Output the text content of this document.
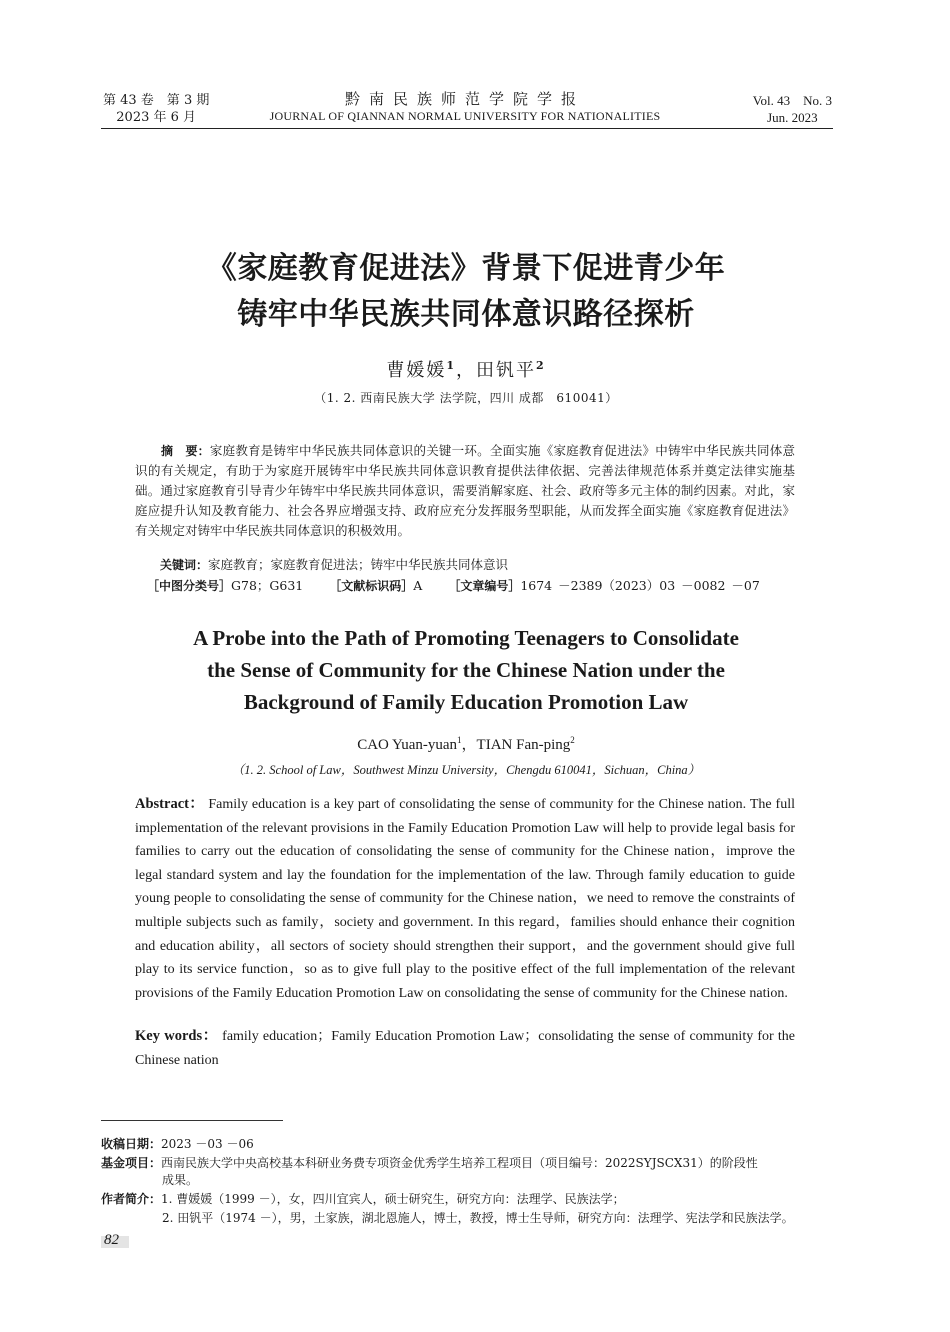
第 43 卷　第 3 期
2023 年 6 月
黔南民族师范学院学报
JOURNAL OF QIANNAN NORMAL UNIVERSITY FOR NATIONALITIES
Vol. 43　No. 3
Jun. 2023
《家庭教育促进法》背景下促进青少年
铸牢中华民族共同体意识路径探析
曹媛媛$^1$，田钒平$^2$
（1. 2. 西南民族大学 法学院，四川 成都　610041）
摘　要：家庭教育是铸牢中华民族共同体意识的关键一环。全面实施《家庭教育促进法》中铸牢中华民族共同体意识的有关规定，有助于为家庭开展铸牢中华民族共同体意识教育提供法律依据、完善法律规范体系并奠定法律实施基础。通过家庭教育引导青少年铸牢中华民族共同体意识，需要消解家庭、社会、政府等多元主体的制约因素。对此，家庭应提升认知及教育能力、社会各界应增强支持、政府应充分发挥服务型职能，从而发挥全面实施《家庭教育促进法》有关规定对铸牢中华民族共同体意识的积极效用。
关键词：家庭教育；家庭教育促进法；铸牢中华民族共同体意识
［中图分类号］G78；G631 ［文献标识码］A ［文章编号］1674 －2389（2023）03 －0082 －07
A Probe into the Path of Promoting Teenagers to Consolidate
the Sense of Community for the Chinese Nation under the
Background of Family Education Promotion Law
CAO Yuan-yuan$^1$，TIAN Fan-ping$^2$
（1. 2. School of Law，Southwest Minzu University，Chengdu 610041，Sichuan，China）
Abstract： Family education is a key part of consolidating the sense of community for the Chinese nation. The full implementation of the relevant provisions in the Family Education Promotion Law will help to provide legal basis for families to carry out the education of consolidating the sense of community for the Chinese nation，improve the legal standard system and lay the foundation for the implementation of the law. Through family education to guide young people to consolidating the sense of community for the Chinese nation，we need to remove the constraints of multiple subjects such as family，society and government. In this regard，families should enhance their cognition and education ability，all sectors of society should strengthen their support，and the government should give full play to its service function，so as to give full play to the positive effect of the full implementation of the relevant provisions of the Family Education Promotion Law on consolidating the sense of community for the Chinese nation.
Key words： family education；Family Education Promotion Law；consolidating the sense of community for the Chinese nation
收稿日期：2023 －03 －06
基金项目：西南民族大学中央高校基本科研业务费专项资金优秀学生培养工程项目（项目编号：2022SYJSCX31）的阶段性
成果。
作者简介：1. 曹媛媛（1999 －），女，四川宜宾人，硕士研究生，研究方向：法理学、民族法学；
2. 田钒平（1974 －），男，土家族，湖北恩施人，博士，教授，博士生导师，研究方向：法理学、宪法学和民族法学。
82
